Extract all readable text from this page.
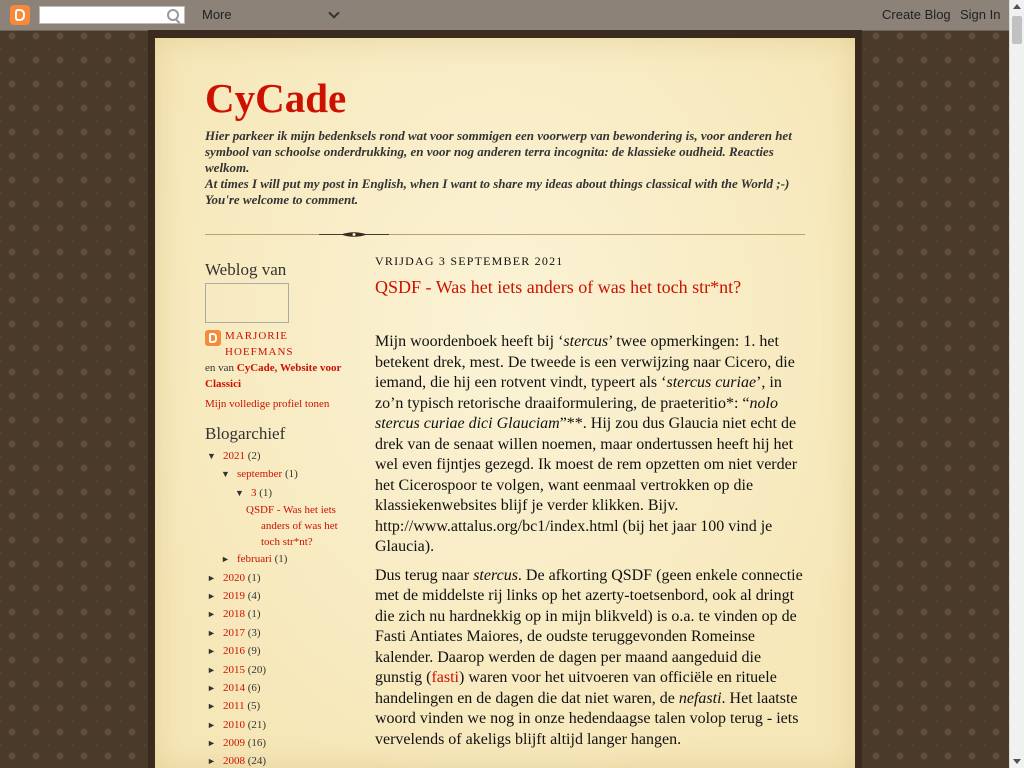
More	Create Blog Sign In
CyCade
Hier parkeer ik mijn bedenksels rond wat voor sommigen een voorwerp van bewondering is, voor anderen het symbool van schoolse onderdrukking, en voor nog anderen terra incognita: de klassieke oudheid. Reacties welkom.
At times I will put my post in English, when I want to share my ideas about things classical with the World ;-) You're welcome to comment.
Weblog van
MARJORIE HOEFMANS
en van CyCade, Website voor Classici
Mijn volledige profiel tonen
Blogarchief
▼ 2021 (2)
▼ september (1)
▼ 3 (1)
QSDF - Was het iets anders of was het toch str*nt?
► februari (1)
► 2020 (1)
► 2019 (4)
► 2018 (1)
► 2017 (3)
► 2016 (9)
► 2015 (20)
► 2014 (6)
► 2011 (5)
► 2010 (21)
► 2009 (16)
► 2008 (24)
VRIJDAG 3 SEPTEMBER 2021
QSDF - Was het iets anders of was het toch str*nt?

Mijn woordenboek heeft bij ‘stercus’ twee opmerkingen: 1. het betekent drek, mest. De tweede is een verwijzing naar Cicero, die iemand, die hij een rotvent vindt, typeert als ‘stercus curiae’, in zo’n typisch retorische draaiformulering, de praeteritio*: “nolo stercus curiae dici Glauciam”**. Hij zou dus Glaucia niet echt de drek van de senaat willen noemen, maar ondertussen heeft hij het wel even fijntjes gezegd. Ik moest de rem opzetten om niet verder het Cicerospoor te volgen, want eenmaal vertrokken op die klassiekenwebsites blijf je verder klikken. Bijv. http://www.attalus.org/bc1/index.html (bij het jaar 100 vind je Glaucia).

Dus terug naar stercus. De afkorting QSDF (geen enkele connectie met de middelste rij links op het azerty-toetsenbord, ook al dringt die zich nu hardnekkig op in mijn blikveld) is o.a. te vinden op de Fasti Antiates Maiores, de oudste teruggevonden Romeinse kalender. Daarop werden de dagen per maand aangeduid die gunstig (fasti) waren voor het uitvoeren van officiële en rituele handelingen en de dagen die dat niet waren, de nefasti. Het laatste woord vinden we nog in onze hedendaagse talen volop terug - iets vervelends of akeligs blijft altijd langer hangen.
